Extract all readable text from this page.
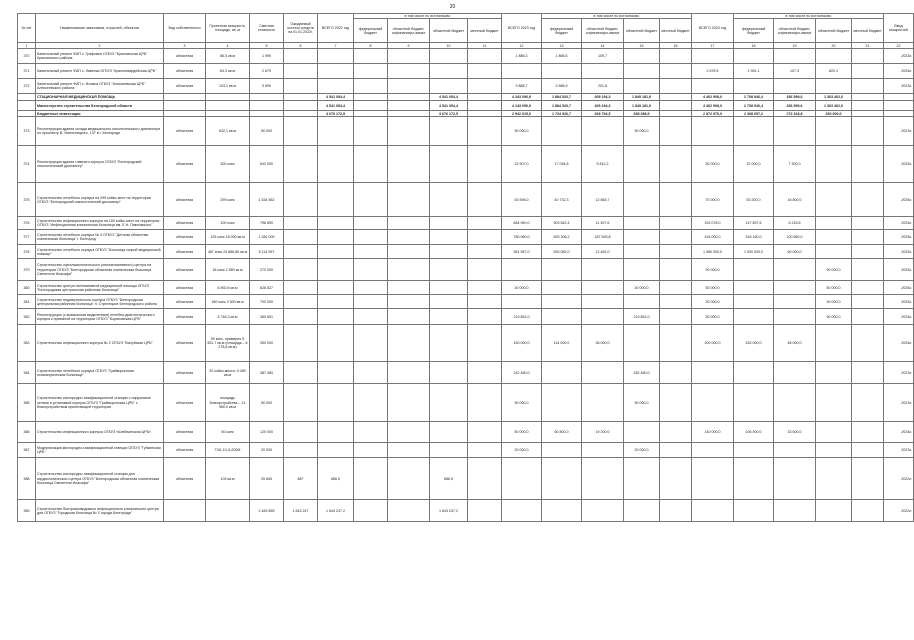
20
№ п/п	Наименование заказчиков, отраслей, объектов	Вид собственности	Проектная мощность, площадь, кв. м	Сметная стоимость	Ожидаемый остаток средств на 01.01.2022г.	ВСЕГО 2022 год	в том числе по источникам:				ВСЕГО 2023 год	в том числе по источникам:				ВСЕГО 2024 год	в том числе по источникам:				Ввод мощностей
							федеральный бюджет	областной бюджет, софинансиро-вание	областной бюджет	местный бюджет		федеральный бюджет	областной бюджет, софинансиро-вание	областной бюджет	местный бюджет		федеральный бюджет	областной бюджет, софинансиро-вание	областной бюджет	местный бюджет	
1	2	3	4	5	6	7	8	9	10	11	12	13	14	15	16	17	18	19	20	21	22
370	Капитальный ремонт ФАП с. Графовка ОГБУЗ "Краснянская ЦРБ" Краснянского района	областная	86,5 кв.м	1 990							1 886,3	1 866,6	109,7								2023г.
371	Капитальный ремонт ФАП с. Ливенка ОГБУЗ "Красногвардейская ЦРБ"	областная	84,3 кв.м	2 679												2 678,5	1 951,1	107,3	620,1		2024г.
372	Капитальный ремонт ФАП с. Иловка ОГБУЗ "Алексеевская ЦРБ" Алексеевского района	областная	103,1 кв.м	3 890							3 888,7	3 586,9	201,8								2023г.
	СТАЦИОНАРНАЯ МЕДИЦИНСКАЯ ПОМОЩЬ					4 541 054,4			4 541 054,4		4 343 096,9	1 884 520,7	409 194,3	1 849 181,9		4 462 908,0	2 708 946,4	336 599,6	1 363 462,0		
	Министерство строительства Белгородской области					4 541 054,4			4 541 054,4		4 143 096,9	1 884 520,7	409 194,3	1 849 181,9		4 462 908,0	2 708 946,4	336 599,6	1 363 462,0		
	Бюджетные инвестиции					3 676 172,5			3 676 172,5		2 942 015,0	1 734 926,7	269 794,5	938 288,9		2 872 976,0	2 308 657,2	272 318,8	260 000,0		
373	Реконструкция здания склада медицинского онкологического диспансера по проспекту В. Хмельницкого, 137 в г. Белгороде	областная	632,1 кв.м	50 000							50 000,0			50 000,0							2023г.
374	Реконструкция здания главного корпуса ОГБУЗ "Белгородский онкологический диспансер"	областная	300 коек	642 000							22 907,0	17 094,8	5 812,2			50 000,0	22 000,0	7 300,0			2025г.
375	Строительство лечебного корпуса на 299 койко-мест на территории ОГБУЗ "Белгородский онкологический диспансер"	областная	299 коек	1 534 562							53 596,0	40 732,3	12 863,7			70 000,0	53 200,0	16 800,0			2025г.
376	Строительство инфекционного корпуса на 100 койко-мест на территории ОГБУЗ "Инфекционная клиническая больница им. Е.Н. Павловского"	областная	100 коек	798 890							684 940,0	503 542,4	11 397,6			153 078,0	147 837,6	6 216,6			2024г.
377	Строительство лечебного корпуса № 3 ОГБУЗ "Детская областная клиническая больница" г. Белгород	областная	125 коек 18 000 кв.м	1 282 000							780 960,0	593 306,2	187 593,8			416 000,0	316 160,0	100 560,0			2025г.
378	Строительство лечебного корпуса ОГБУЗ "Больница скорой медицинской помощи"	областная	487 коек 24 688,85 кв.м	5 114 997							561 567,0	530 082,0	12 462,0			1 960 000,0	1 900 000,0	60 000,0			2025г.
379	Строительство офтальмологического (онкопалиативного) центра на территории ОГБУЗ "Белгородская областная клиническая больница Святителя Иоасафа"	областная	18 коек 2 580 кв.м	270 000												90 000,0			90 000,0		2025г.
380	Строительство центра паллиативной медицинской помощи ОГБУЗ "Белгородская центральная районная больница"	областная	6 892,6 кв.м	626 527							30 000,0			30 000,0		50 000,0			50 000,0		2025г.
381	Строительство педиатрического корпуса ОГБУЗ "Белгородская центральная районная больница" п. Стрелецкое Белгородского района	областная	160 коек 3 500 кв.м	700 000												30 000,0			30 000,0		2025г.
382	Реконструкция (с возможным выделением) лечебно-диагностического корпуса к приемной на территории ОГБУЗ "Борисовская ЦРБ"	областная	6 746,3 кв.м	369 851							219 852,0			219 852,0		50 000,0			50 000,0		2024г.
383	Строительство инфекционного корпуса № 2 ОГБУЗ "Валуйская ЦРБ"	областная	59 коек, примерно 5 551,7 кв.м (площадь – 6 278,6 кв.м)	350 000							150 000,0	114 000,0	36 000,0			200 000,0	152 000,0	48 000,0			2024г.
384	Строительство лечебного корпуса ОГБУЗ "Грайворонская психиатрическая больница"	областная	92 койко-места, 4 089 кв.м	387 489							242 480,0			182 480,0							2023г.
385	Строительство кислородно-газификационной станции с наружными сетями и установкой корпуса ОГБУЗ "Грайворонская ЦРБ" с благоустройством прилегающей территории	областная	площадь благоустройства – 13 960,0 кв.м	50 000							50 000,0			50 000,0							2023г.
386	Строительство инфекционного корпуса ОГБУЗ «Шебекинская ЦРБ»	областная	50 коек	120 000							50 000,0	60 800,0	19 200,0			140 000,0	106 400,0	33 600,0			2024г.
387	Модернизация кислородно-газификационной станции ОГБУЗ "Губкинская ЦРБ"	областная	ГХК-1/1,6-200М	20 000							20 000,0			20 000,0							2023г.
388	Строительство кислородно-газификационной станции для кардиологического центра ОГБУЗ "Белгородская областная клиническая больница Святителя Иоасафа"	областная	103 кв.м	25 845	887	686,5			686,5												2022г.
389	Строительство быстровозводимого инфекционного клинического центра для ОГБУЗ "Городская больница № 2 города Белгорода"			2 483 855	1 643 247	1 643 247,2			1 643 247,2												2022г.
